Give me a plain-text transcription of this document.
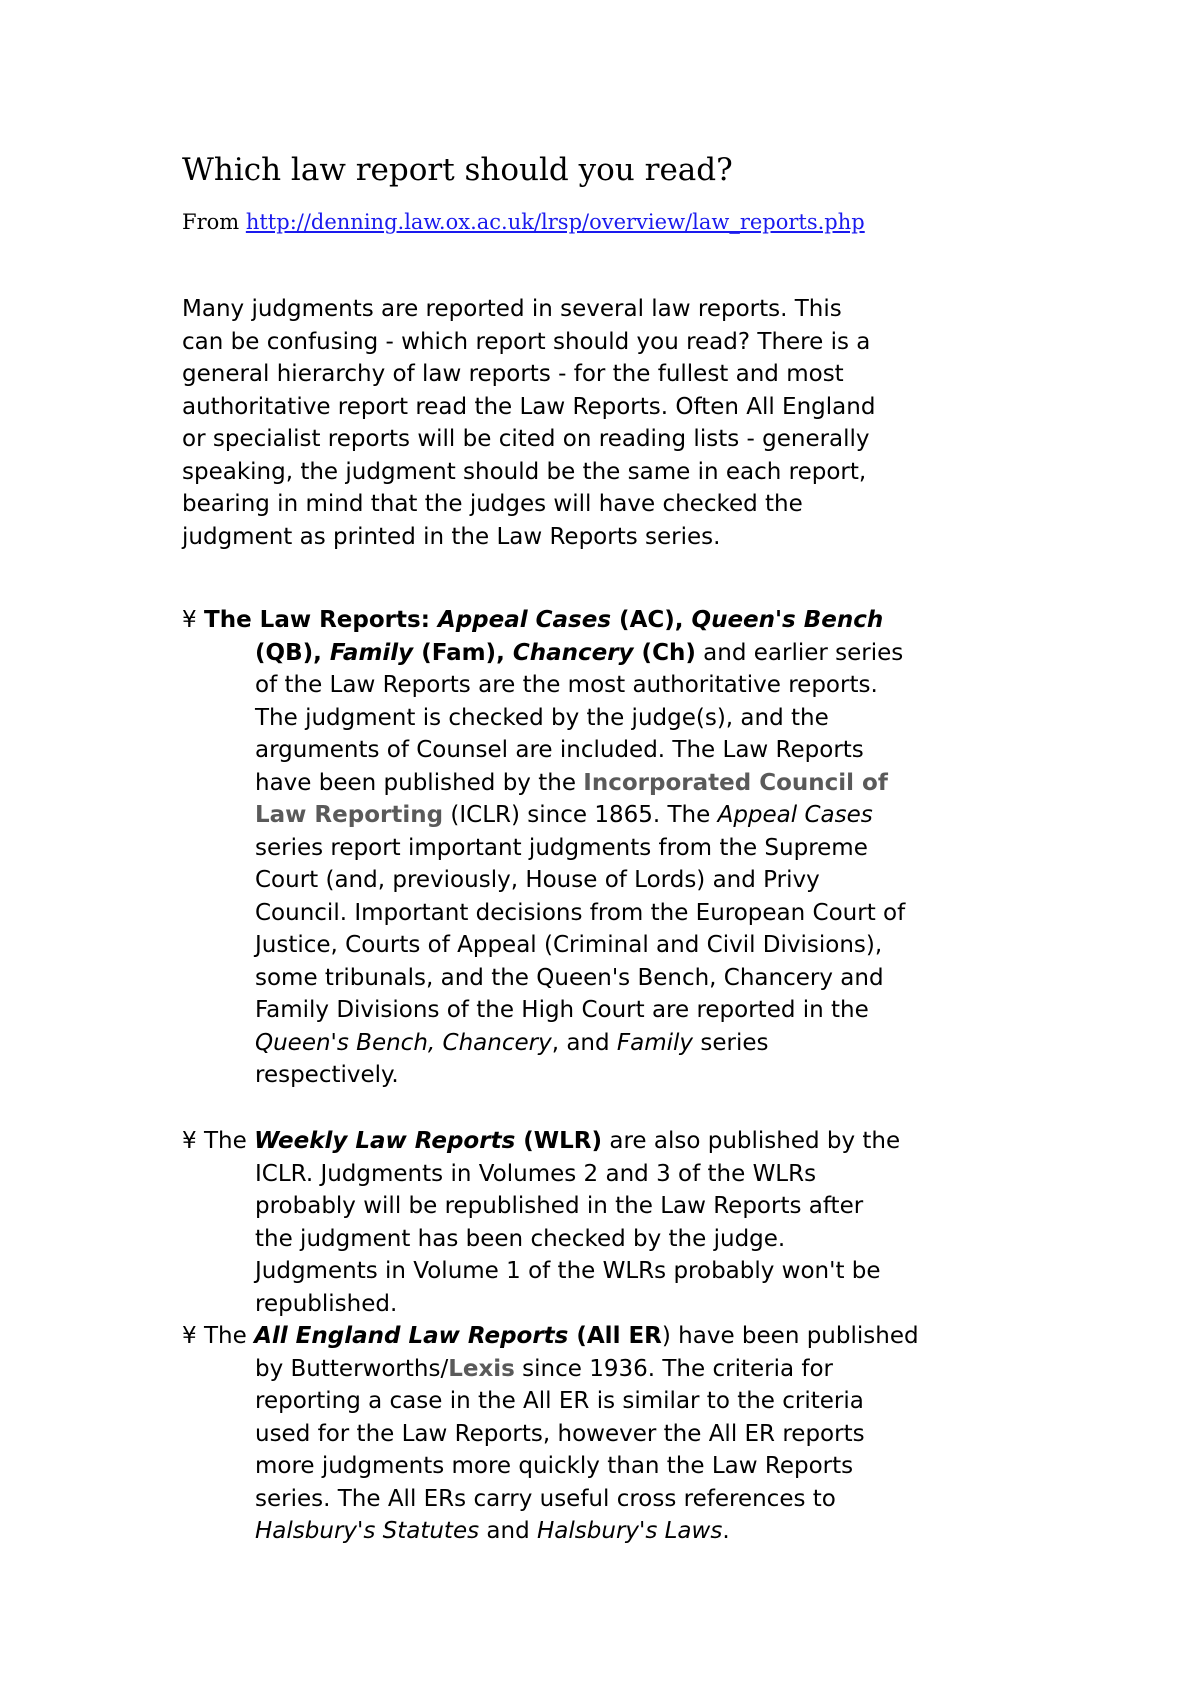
Which law report should you read?
From http://denning.law.ox.ac.uk/lrsp/overview/law_reports.php
Many judgments are reported in several law reports. This
can be confusing - which report should you read? There is a
general hierarchy of law reports - for the fullest and most
authoritative report read the Law Reports. Often All England
or specialist reports will be cited on reading lists - generally
speaking, the judgment should be the same in each report,
bearing in mind that the judges will have checked the
judgment as printed in the Law Reports series.
¥ The Law Reports: Appeal Cases (AC), Queen's Bench
(QB), Family (Fam), Chancery (Ch) and earlier series
of the Law Reports are the most authoritative reports.
The judgment is checked by the judge(s), and the
arguments of Counsel are included. The Law Reports
have been published by the Incorporated Council of
Law Reporting (ICLR) since 1865. The Appeal Cases
series report important judgments from the Supreme
Court (and, previously, House of Lords) and Privy
Council. Important decisions from the European Court of
Justice, Courts of Appeal (Criminal and Civil Divisions),
some tribunals, and the Queen's Bench, Chancery and
Family Divisions of the High Court are reported in the
Queen's Bench, Chancery, and Family series
respectively.
¥ The Weekly Law Reports (WLR) are also published by the
ICLR. Judgments in Volumes 2 and 3 of the WLRs
probably will be republished in the Law Reports after
the judgment has been checked by the judge.
Judgments in Volume 1 of the WLRs probably won't be
republished.
¥ The All England Law Reports (All ER) have been published
by Butterworths/Lexis since 1936. The criteria for
reporting a case in the All ER is similar to the criteria
used for the Law Reports, however the All ER reports
more judgments more quickly than the Law Reports
series. The All ERs carry useful cross references to
Halsbury's Statutes and Halsbury's Laws.
